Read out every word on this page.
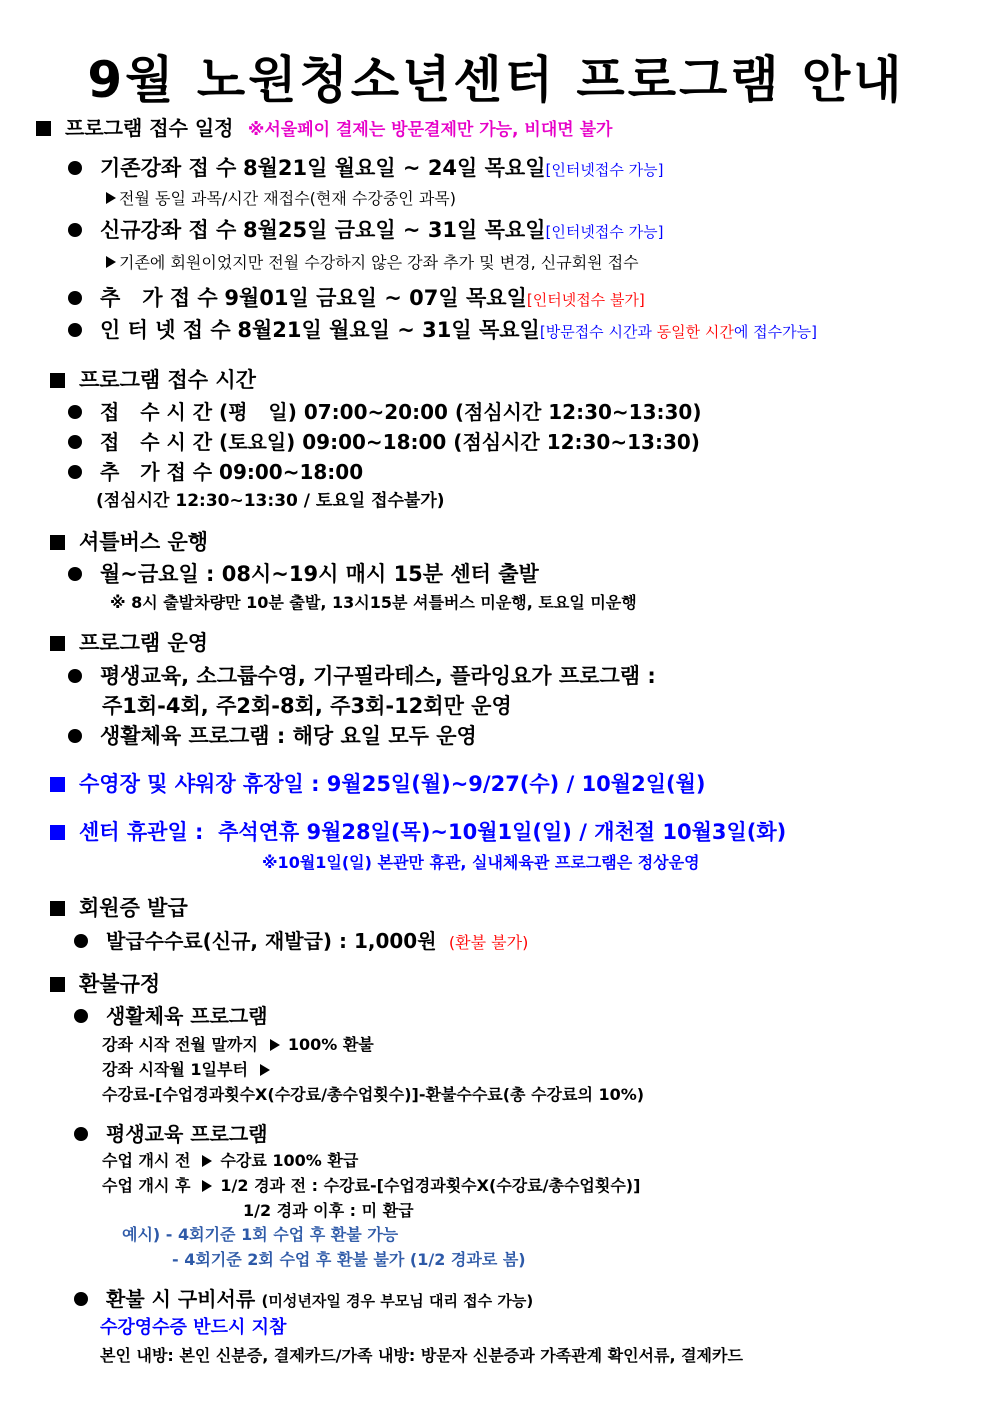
9월 노원청소년센터 프로그램 안내
프로그램 접수 일정 ※서울페이 결제는 방문결제만 가능, 비대면 불가
기존강좌 접 수 8월21일 월요일 ~ 24일 목요일[인터넷접수 가능]
전월 동일 과목/시간 재접수(현재 수강중인 과목)
신규강좌 접 수 8월25일 금요일 ~ 31일 목요일[인터넷접수 가능]
기존에 회원이었지만 전월 수강하지 않은 강좌 추가 및 변경, 신규회원 접수
추   가 접 수 9월01일 금요일 ~ 07일 목요일[인터넷접수 불가]
인 터 넷 접 수 8월21일 월요일 ~ 31일 목요일[방문접수 시간과 동일한 시간에 접수가능]
프로그램 접수 시간
접   수 시 간 (평   일) 07:00~20:00 (점심시간 12:30~13:30)
접   수 시 간 (토요일) 09:00~18:00 (점심시간 12:30~13:30)
추   가 접 수 09:00~18:00
(점심시간 12:30~13:30 / 토요일 접수불가)
셔틀버스 운행
월~금요일 : 08시~19시 매시 15분 센터 출발
※ 8시 출발차량만 10분 출발, 13시15분 셔틀버스 미운행, 토요일 미운행
프로그램 운영
평생교육, 소그룹수영, 기구필라테스, 플라잉요가 프로그램 :
주1회-4회, 주2회-8회, 주3회-12회만 운영
생활체육 프로그램 : 해당 요일 모두 운영
수영장 및 샤워장 휴장일 : 9월25일(월)~9/27(수) / 10월2일(월)
센터 휴관일 :  추석연휴 9월28일(목)~10월1일(일) / 개천절 10월3일(화)
※10월1일(일) 본관만 휴관, 실내체육관 프로그램은 정상운영
회원증 발급
발급수수료(신규, 재발급) : 1,000원 (환불 불가)
환불규정
생활체육 프로그램
강좌 시작 전월 말까지 100% 환불
강좌 시작월 1일부터
수강료-[수업경과횟수X(수강료/총수업횟수)]-환불수수료(총 수강료의 10%)
평생교육 프로그램
수업 개시 전 수강료 100% 환급
수업 개시 후 1/2 경과 전 : 수강료-[수업경과횟수X(수강료/총수업횟수)]
1/2 경과 이후 : 미 환급
예시) - 4회기준 1회 수업 후 환불 가능
- 4회기준 2회 수업 후 환불 불가 (1/2 경과로 봄)
환불 시 구비서류 (미성년자일 경우 부모님 대리 접수 가능)
수강영수증 반드시 지참
본인 내방: 본인 신분증, 결제카드/가족 내방: 방문자 신분증과 가족관계 확인서류, 결제카드
